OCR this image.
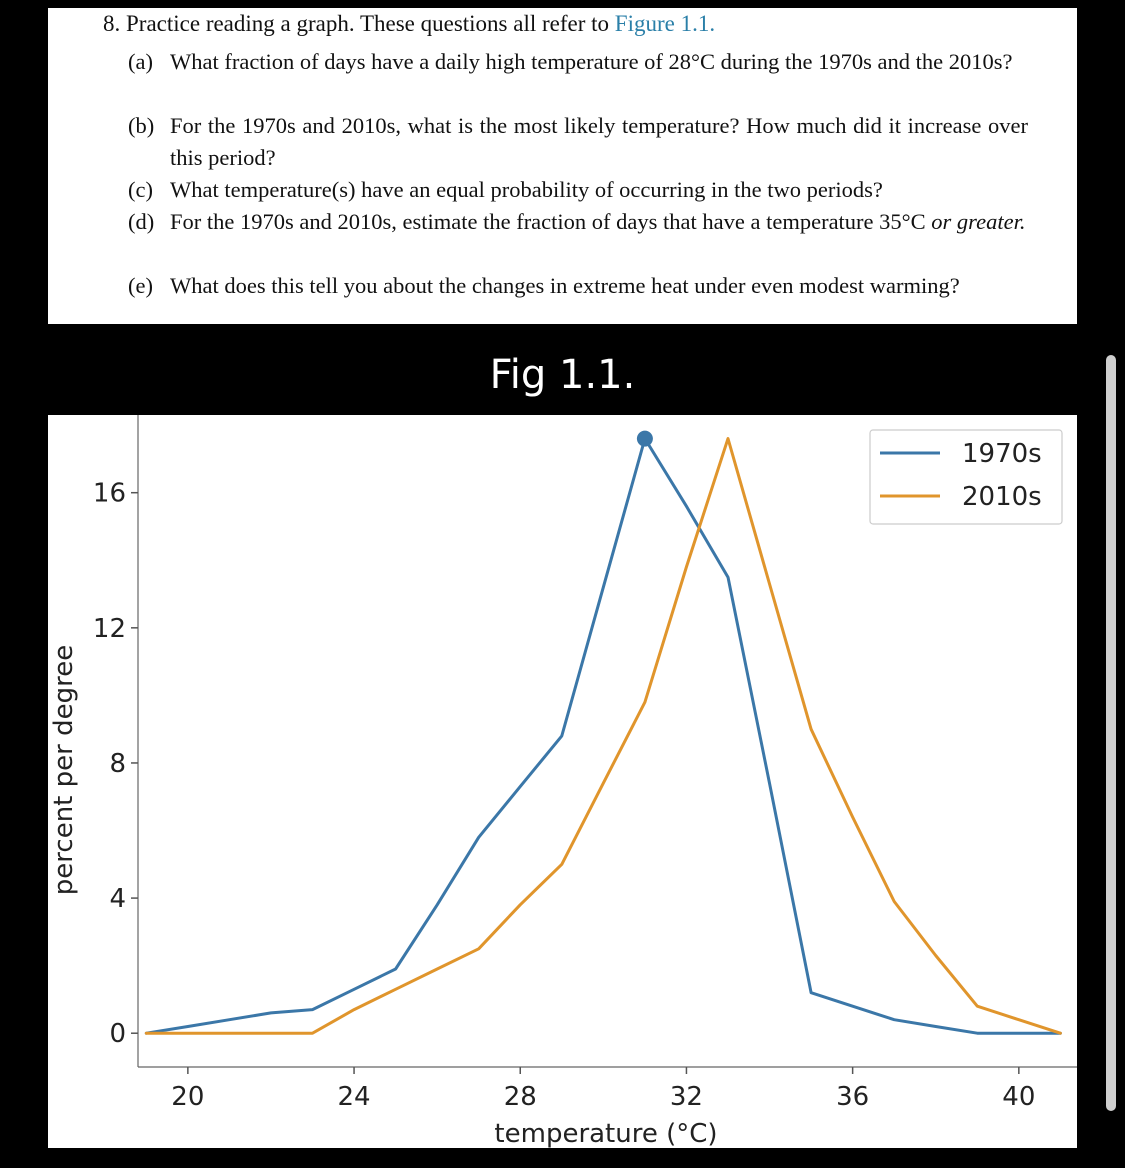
8. Practice reading a graph. These questions all refer to Figure 1.1.
(a) What fraction of days have a daily high temperature of 28°C during the 1970s and the 2010s?
(b) For the 1970s and 2010s, what is the most likely temperature? How much did it increase over this period?
(c) What temperature(s) have an equal probability of occurring in the two periods?
(d) For the 1970s and 2010s, estimate the fraction of days that have a temperature 35°C or greater.
(e) What does this tell you about the changes in extreme heat under even modest warming?
Fig 1.1.
20	24	28	32	36	40
0
4
8
12
16
temperature (°C)
percent per degree
1970s
2010s
